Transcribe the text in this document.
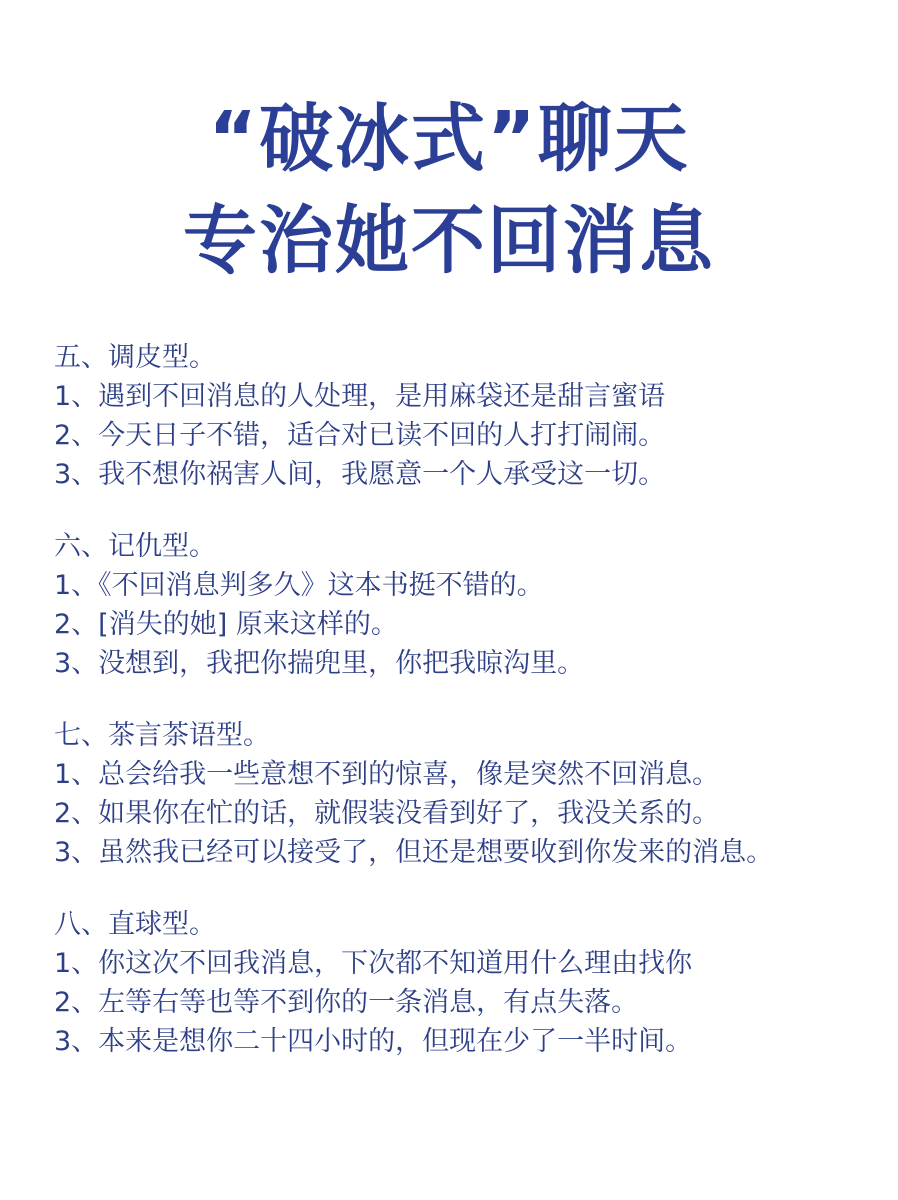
“破冰式”聊天
专治她不回消息
五、调皮型。
1、遇到不回消息的人处理，是用麻袋还是甜言蜜语
2、今天日子不错，适合对已读不回的人打打闹闹。
3、我不想你祸害人间，我愿意一个人承受这一切。
六、记仇型。
1、《不回消息判多久》这本书挺不错的。
2、[消失的她] 原来这样的。
3、没想到，我把你揣兜里，你把我晾沟里。
七、茶言茶语型。
1、总会给我一些意想不到的惊喜，像是突然不回消息。
2、如果你在忙的话，就假装没看到好了，我没关系的。
3、虽然我已经可以接受了，但还是想要收到你发来的消息。
八、直球型。
1、你这次不回我消息，下次都不知道用什么理由找你
2、左等右等也等不到你的一条消息，有点失落。
3、本来是想你二十四小时的，但现在少了一半时间。
